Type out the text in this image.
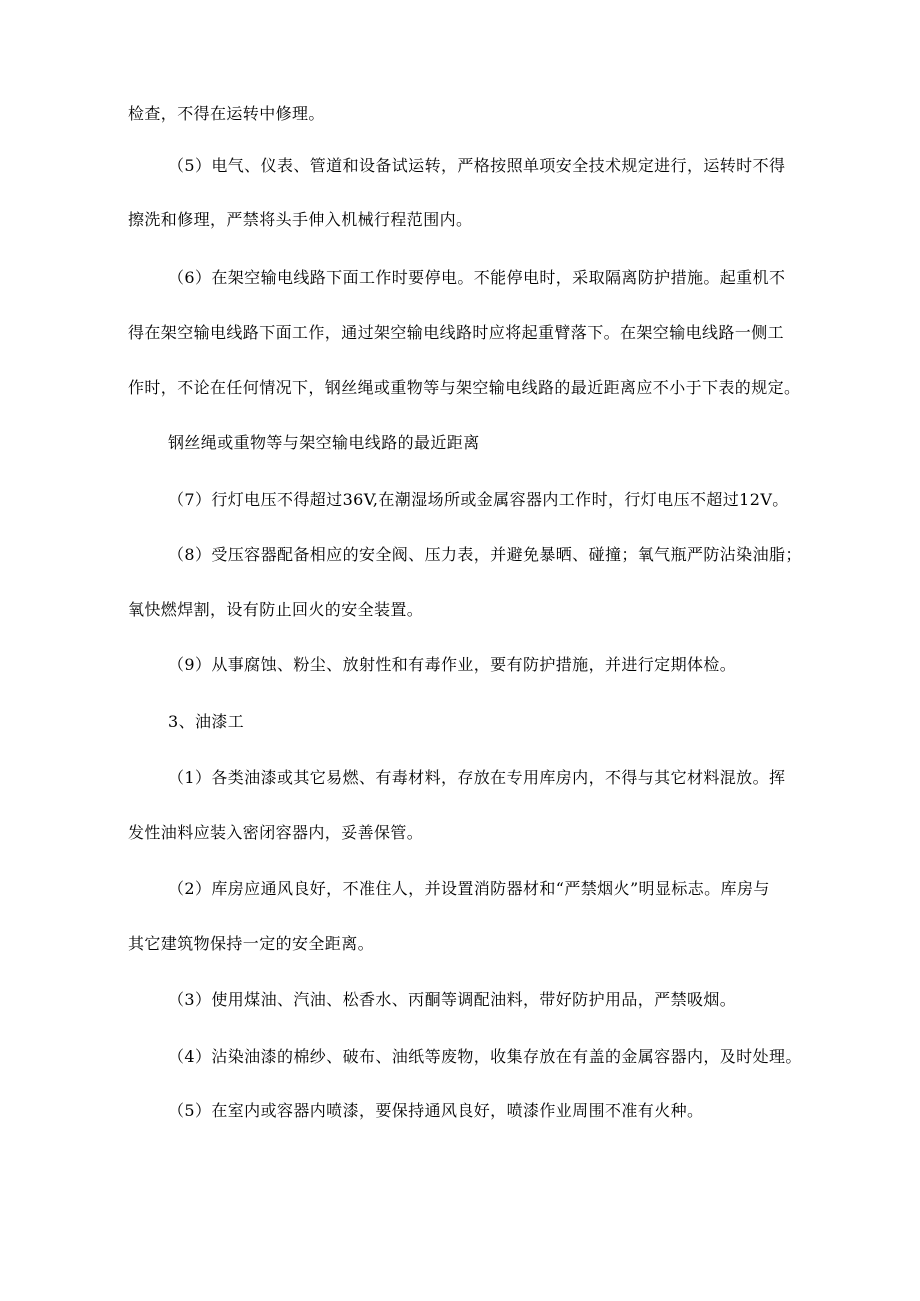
检查，不得在运转中修理。
（5）电气、仪表、管道和设备试运转，严格按照单项安全技术规定进行，运转时不得
擦洗和修理，严禁将头手伸入机械行程范围内。
（6）在架空输电线路下面工作时要停电。不能停电时，采取隔离防护措施。起重机不
得在架空输电线路下面工作，通过架空输电线路时应将起重臂落下。在架空输电线路一侧工
作时，不论在任何情况下，钢丝绳或重物等与架空输电线路的最近距离应不小于下表的规定。
钢丝绳或重物等与架空输电线路的最近距离
（7）行灯电压不得超过36V,在潮湿场所或金属容器内工作时，行灯电压不超过12V。
（8）受压容器配备相应的安全阀、压力表，并避免暴晒、碰撞；氧气瓶严防沾染油脂；
氧快燃焊割，设有防止回火的安全装置。
（9）从事腐蚀、粉尘、放射性和有毒作业，要有防护措施，并进行定期体检。
3、油漆工
（1）各类油漆或其它易燃、有毒材料，存放在专用库房内，不得与其它材料混放。挥
发性油料应装入密闭容器内，妥善保管。
（2）库房应通风良好，不准住人，并设置消防器材和“严禁烟火”明显标志。库房与
其它建筑物保持一定的安全距离。
（3）使用煤油、汽油、松香水、丙酮等调配油料，带好防护用品，严禁吸烟。
（4）沾染油漆的棉纱、破布、油纸等废物，收集存放在有盖的金属容器内，及时处理。
（5）在室内或容器内喷漆，要保持通风良好，喷漆作业周围不准有火种。
